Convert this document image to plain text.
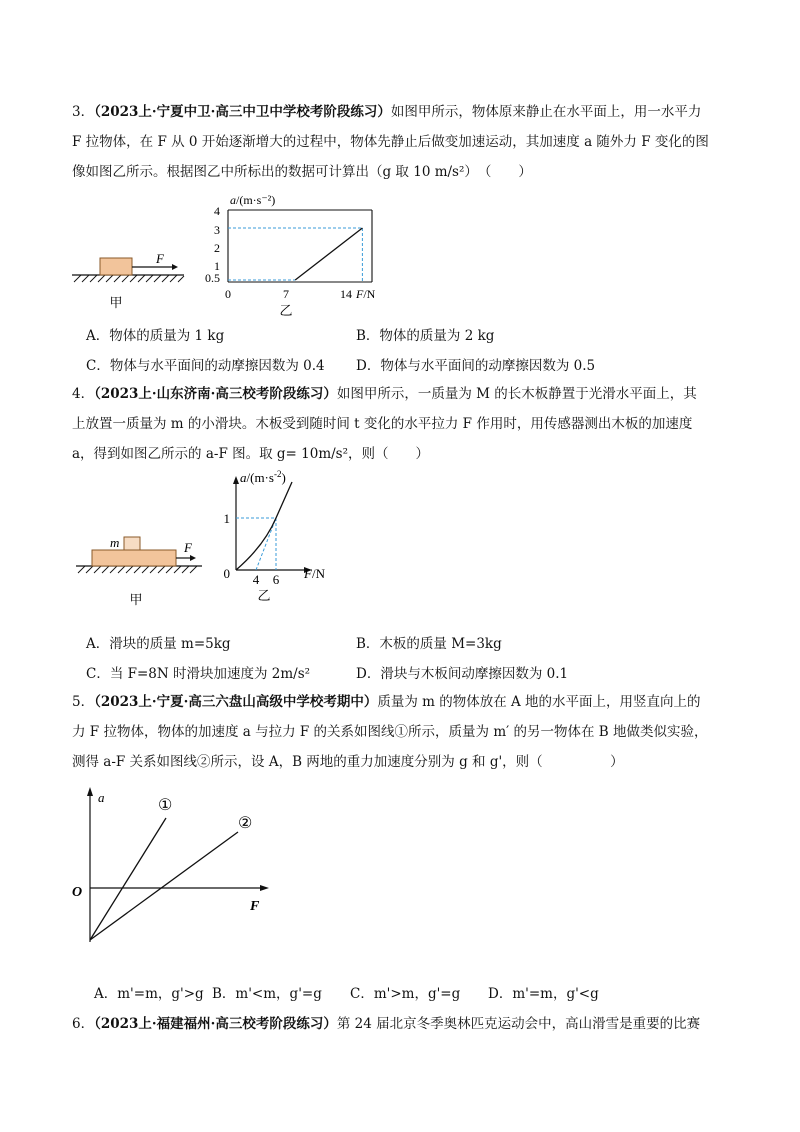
3．（2023上·宁夏中卫·高三中卫中学校考阶段练习）如图甲所示，物体原来静止在水平面上，用一水平力
F 拉物体，在 F 从 0 开始逐渐增大的过程中，物体先静止后做变加速运动，其加速度 a 随外力 F 变化的图
像如图乙所示。根据图乙中所标出的数据可计算出（g 取 10 m/s²）　（　　）
F
甲
a/(m·s⁻²)
4
3
2
1
0.5
0	7	14 F/N
乙
A．物体的质量为 1 kg	B．物体的质量为 2 kg
C．物体与水平面间的动摩擦因数为 0.4 D．物体与水平面间的动摩擦因数为 0.5
4．（2023上·山东济南·高三校考阶段练习）如图甲所示，一质量为 M 的长木板静置于光滑水平面上，其
上放置一质量为 m 的小滑块。木板受到随时间 t 变化的水平拉力 F 作用时，用传感器测出木板的加速度
a，得到如图乙所示的 a-F 图。取 g= 10m/s²，则（　　）
m	F
甲
$a/(m\cdot s^{-2})$
1
0 4 6 F/N
乙
A．滑块的质量 m=5kg	B．木板的质量 M=3kg
C．当 F=8N 时滑块加速度为 2m/s²	D．滑块与木板间动摩擦因数为 0.1
5．（2023上·宁夏·高三六盘山高级中学校考期中）质量为 m 的物体放在 A 地的水平面上，用竖直向上的
力 F 拉物体，物体的加速度 a 与拉力 F 的关系如图线①所示，质量为 m′ 的另一物体在 B 地做类似实验，
测得 a-F 关系如图线②所示，设 A，B 两地的重力加速度分别为 g 和 g'，则（　　　　　）
a
O
F
①
②
A．m'=m，g'>g B．m'<m，g'=g C．m'>m，g'=g D．m'=m，g'<g
6．（2023上·福建福州·高三校考阶段练习）第 24 届北京冬季奥林匹克运动会中，高山滑雪是重要的比赛
